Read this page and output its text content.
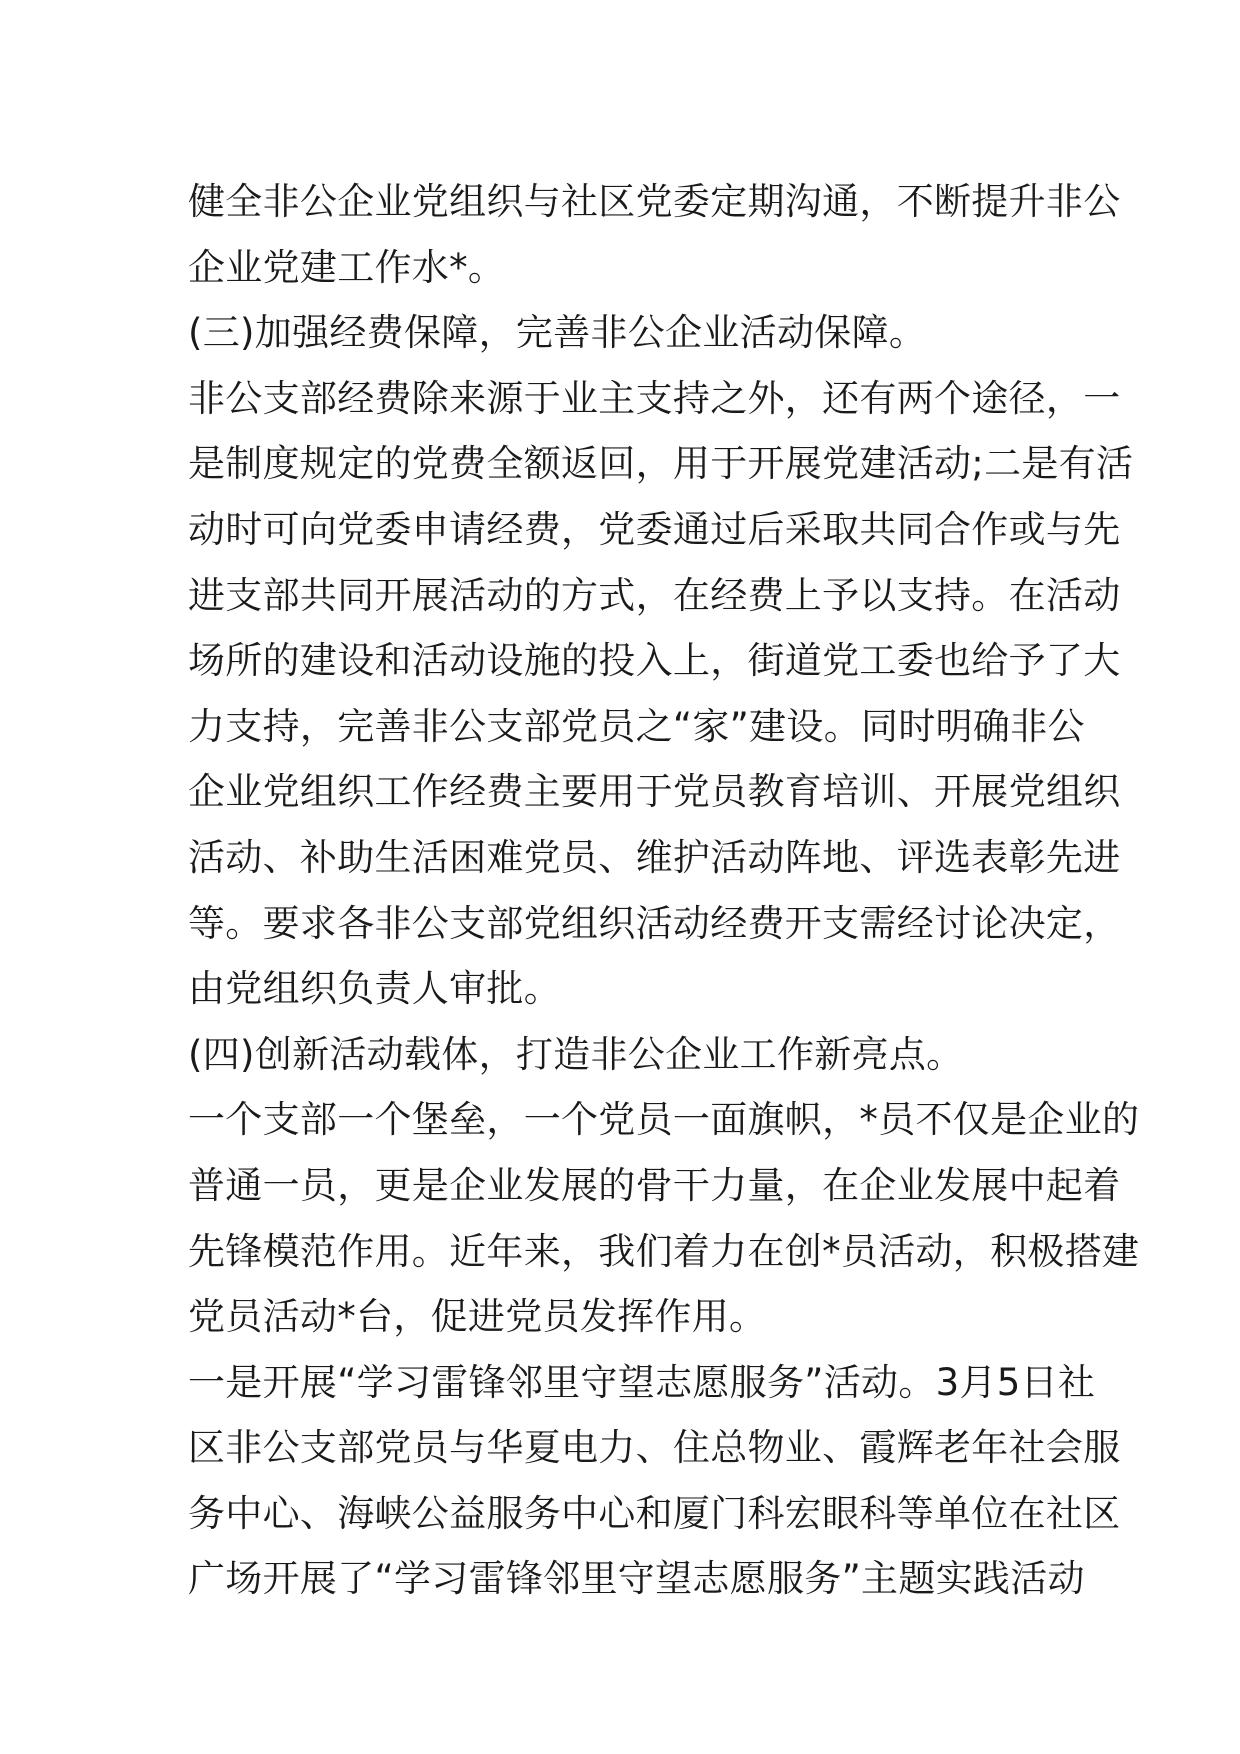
健全非公企业党组织与社区党委定期沟通，不断提升非公
企业党建工作水*。
(三)加强经费保障，完善非公企业活动保障。
非公支部经费除来源于业主支持之外，还有两个途径，一
是制度规定的党费全额返回，用于开展党建活动;二是有活
动时可向党委申请经费，党委通过后采取共同合作或与先
进支部共同开展活动的方式，在经费上予以支持。在活动
场所的建设和活动设施的投入上，街道党工委也给予了大
力支持，完善非公支部党员之“家”建设。同时明确非公
企业党组织工作经费主要用于党员教育培训、开展党组织
活动、补助生活困难党员、维护活动阵地、评选表彰先进
等。要求各非公支部党组织活动经费开支需经讨论决定，
由党组织负责人审批。
(四)创新活动载体，打造非公企业工作新亮点。
一个支部一个堡垒，一个党员一面旗帜，*员不仅是企业的
普通一员，更是企业发展的骨干力量，在企业发展中起着
先锋模范作用。近年来，我们着力在创*员活动，积极搭建
党员活动*台，促进党员发挥作用。
一是开展“学习雷锋邻里守望志愿服务”活动。3月5日社
区非公支部党员与华夏电力、住总物业、霞辉老年社会服
务中心、海峡公益服务中心和厦门科宏眼科等单位在社区
广场开展了“学习雷锋邻里守望志愿服务”主题实践活动
